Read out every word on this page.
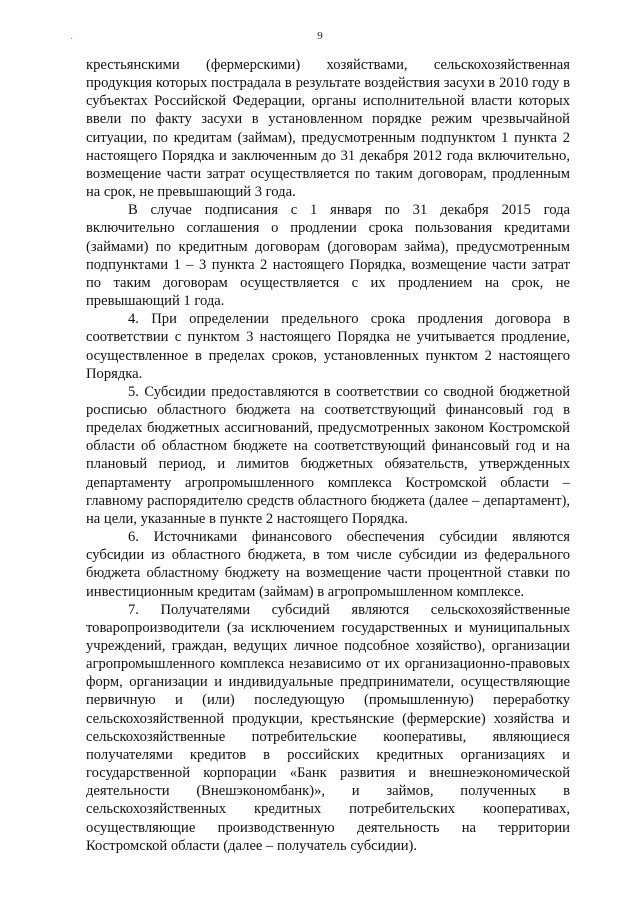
·	9

крестьянскими (фермерскими) хозяйствами, сельскохозяйственная продукция которых пострадала в результате воздействия засухи в 2010 году в субъектах Российской Федерации, органы исполнительной власти которых ввели по факту засухи в установленном порядке режим чрезвычайной ситуации, по кредитам (займам), предусмотренным подпунктом 1 пункта 2 настоящего Порядка и заключенным до 31 декабря 2012 года включительно, возмещение части затрат осуществляется по таким договорам, продленным на срок, не превышающий 3 года.

В случае подписания с 1 января по 31 декабря 2015 года включительно соглашения о продлении срока пользования кредитами (займами) по кредитным договорам (договорам займа), предусмотренным подпунктами 1 – 3 пункта 2 настоящего Порядка, возмещение части затрат по таким договорам осуществляется с их продлением на срок, не превышающий 1 года.

4. При определении предельного срока продления договора в соответствии с пунктом 3 настоящего Порядка не учитывается продление, осуществленное в пределах сроков, установленных пунктом 2 настоящего Порядка.

5. Субсидии предоставляются в соответствии со сводной бюджетной росписью областного бюджета на соответствующий финансовый год в пределах бюджетных ассигнований, предусмотренных законом Костромской области об областном бюджете на соответствующий финансовый год и на плановый период, и лимитов бюджетных обязательств, утвержденных департаменту агропромышленного комплекса Костромской области – главному распорядителю средств областного бюджета (далее – департамент), на цели, указанные в пункте 2 настоящего Порядка.

6. Источниками финансового обеспечения субсидии являются субсидии из областного бюджета, в том числе субсидии из федерального бюджета областному бюджету на возмещение части процентной ставки по инвестиционным кредитам (займам) в агропромышленном комплексе.

7. Получателями субсидий являются сельскохозяйственные товаропроизводители (за исключением государственных и муниципальных учреждений, граждан, ведущих личное подсобное хозяйство), организации агропромышленного комплекса независимо от их организационно-правовых форм, организации и индивидуальные предприниматели, осуществляющие первичную и (или) последующую (промышленную) переработку сельскохозяйственной продукции, крестьянские (фермерские) хозяйства и сельскохозяйственные потребительские кооперативы, являющиеся получателями кредитов в российских кредитных организациях и государственной корпорации «Банк развития и внешнеэкономической деятельности (Внешэкономбанк)», и займов, полученных в сельскохозяйственных кредитных потребительских кооперативах, осуществляющие производственную деятельность на территории Костромской области (далее – получатель субсидии).
